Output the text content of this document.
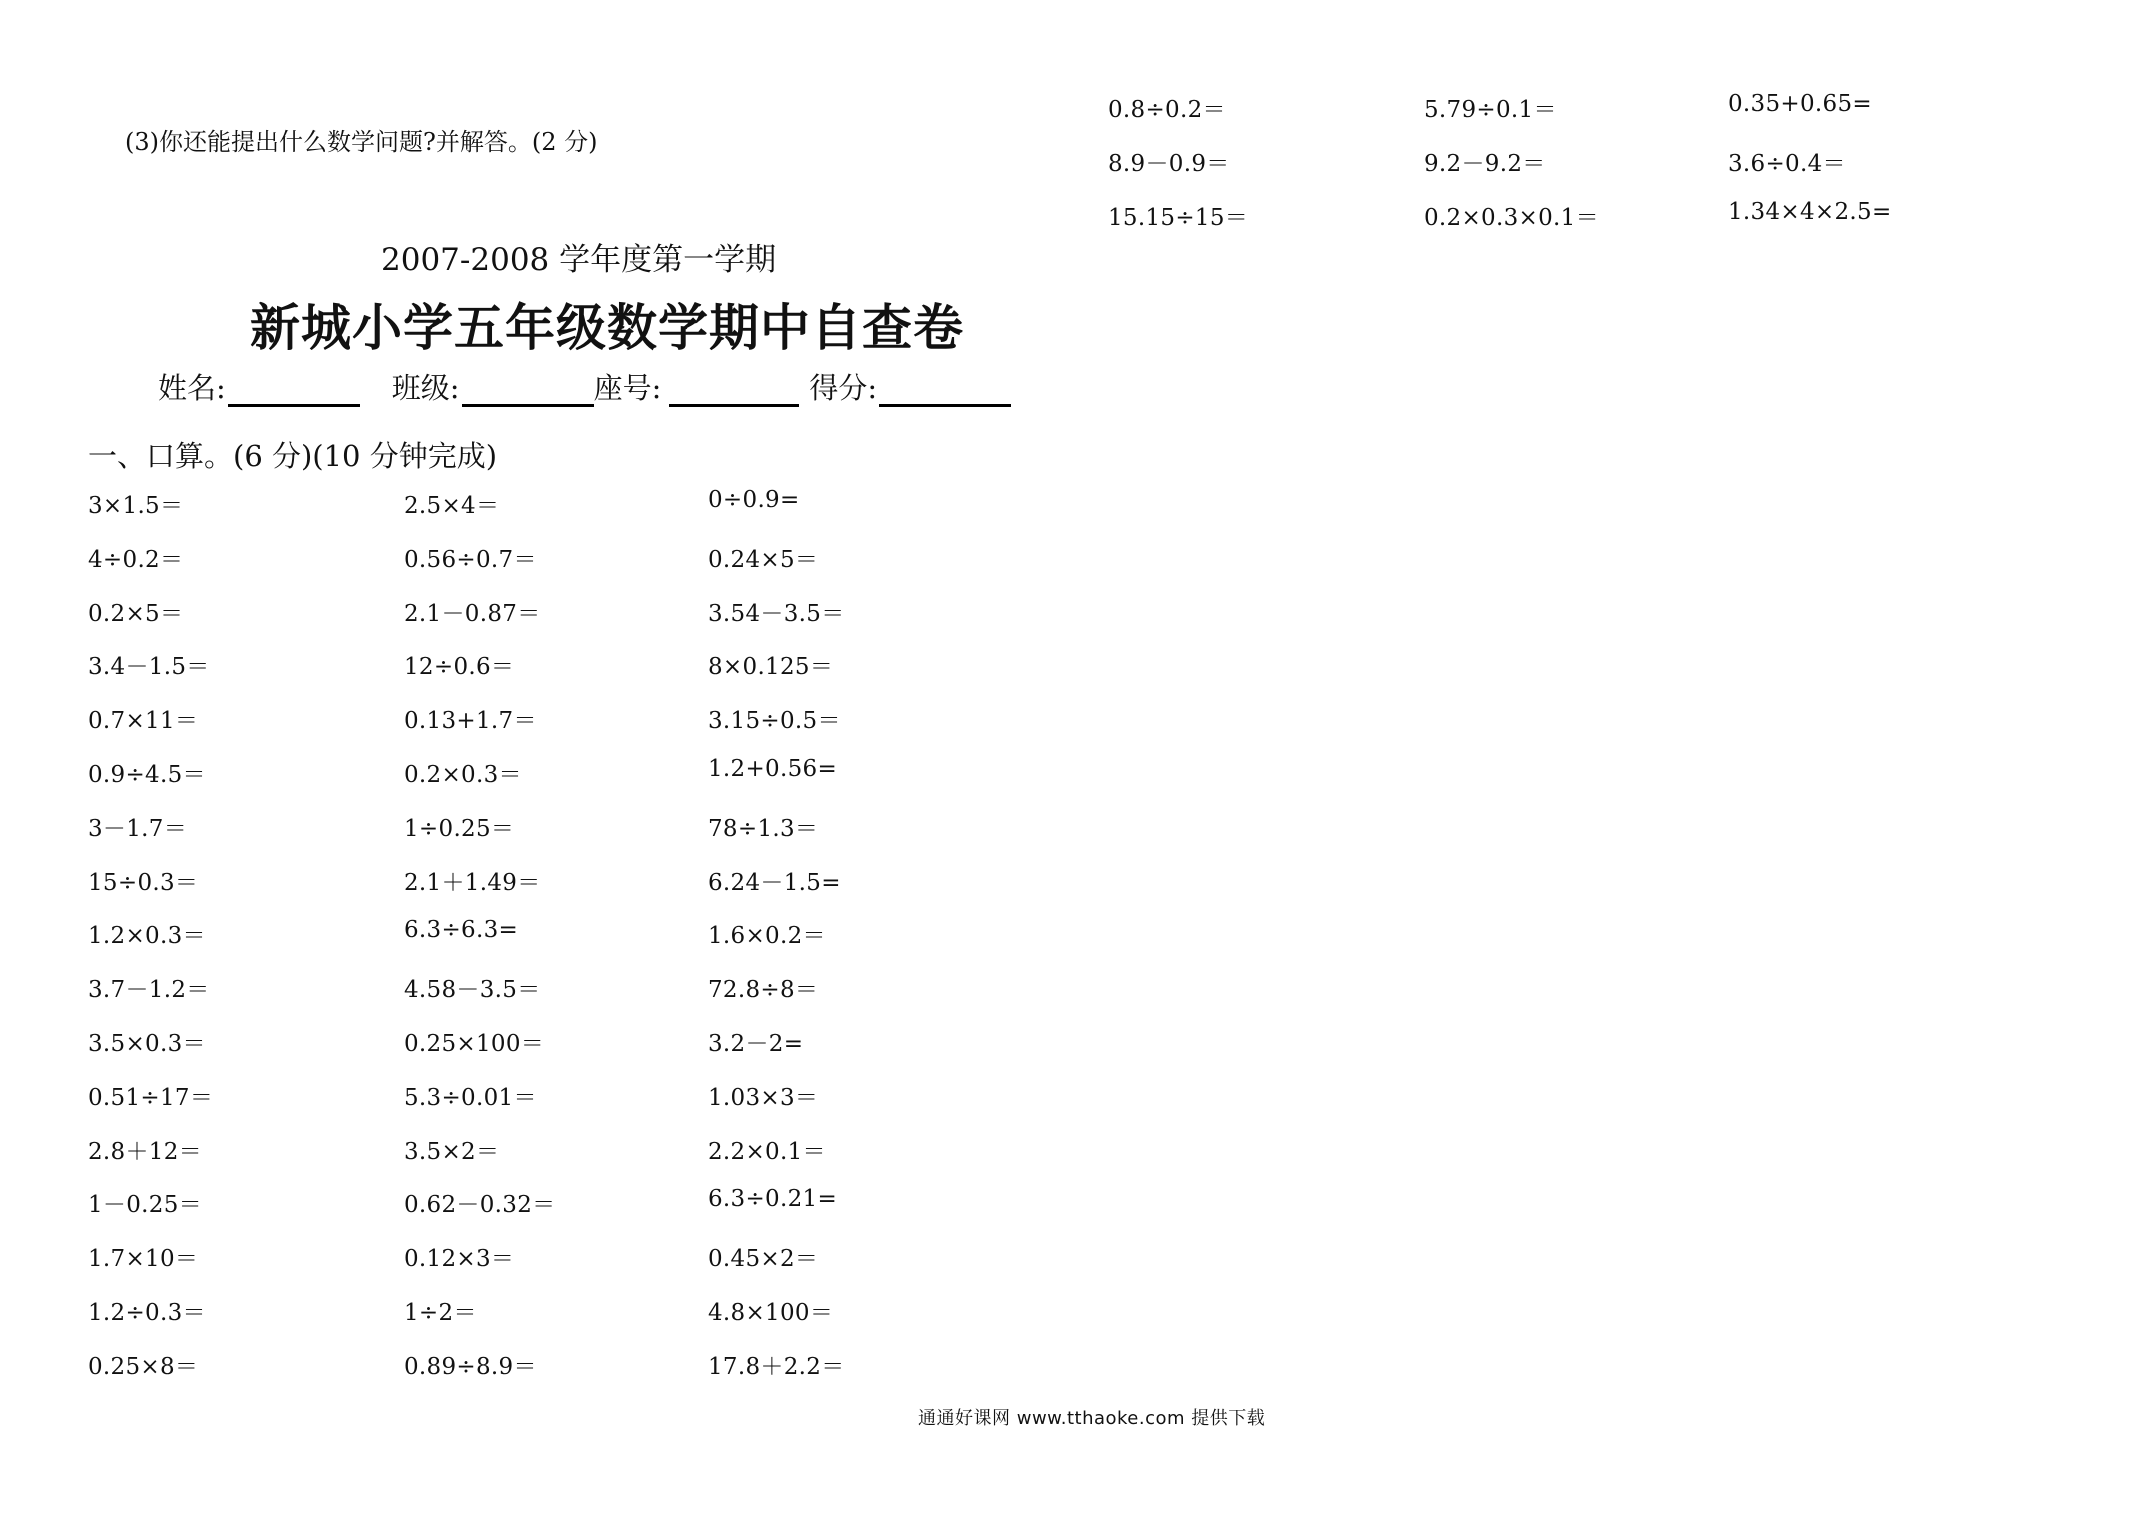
(3)你还能提出什么数学问题?并解答。(2 分)
2007-2008 学年度第一学期
新城小学五年级数学期中自查卷
姓名:	班级:	座号:	得分:
一、口算。(6 分)(10 分钟完成)
0.8÷0.2＝	5.79÷0.1＝	0.35+0.65=
8.9－0.9＝	9.2－9.2＝	3.6÷0.4＝
15.15÷15＝	0.2×0.3×0.1＝	1.34×4×2.5=
3×1.5＝	2.5×4＝	0÷0.9=
4÷0.2＝	0.56÷0.7＝	0.24×5＝
0.2×5＝	2.1－0.87＝	3.54－3.5＝
3.4－1.5＝	12÷0.6＝	8×0.125＝
0.7×11＝	0.13+1.7＝	3.15÷0.5＝
0.9÷4.5＝	0.2×0.3＝	1.2+0.56=
3－1.7＝	1÷0.25＝	78÷1.3＝
15÷0.3＝	2.1＋1.49＝	6.24－1.5=
1.2×0.3＝	6.3÷6.3=	1.6×0.2＝
3.7－1.2＝	4.58－3.5＝	72.8÷8＝
3.5×0.3＝	0.25×100＝	3.2－2=
0.51÷17＝	5.3÷0.01＝	1.03×3＝
2.8＋12＝	3.5×2＝	2.2×0.1＝
1－0.25＝	0.62－0.32＝	6.3÷0.21=
1.7×10＝	0.12×3＝	0.45×2＝
1.2÷0.3＝	1÷2＝	4.8×100＝
0.25×8＝	0.89÷8.9＝	17.8＋2.2＝
通通好课网 www.tthaoke.com 提供下载
